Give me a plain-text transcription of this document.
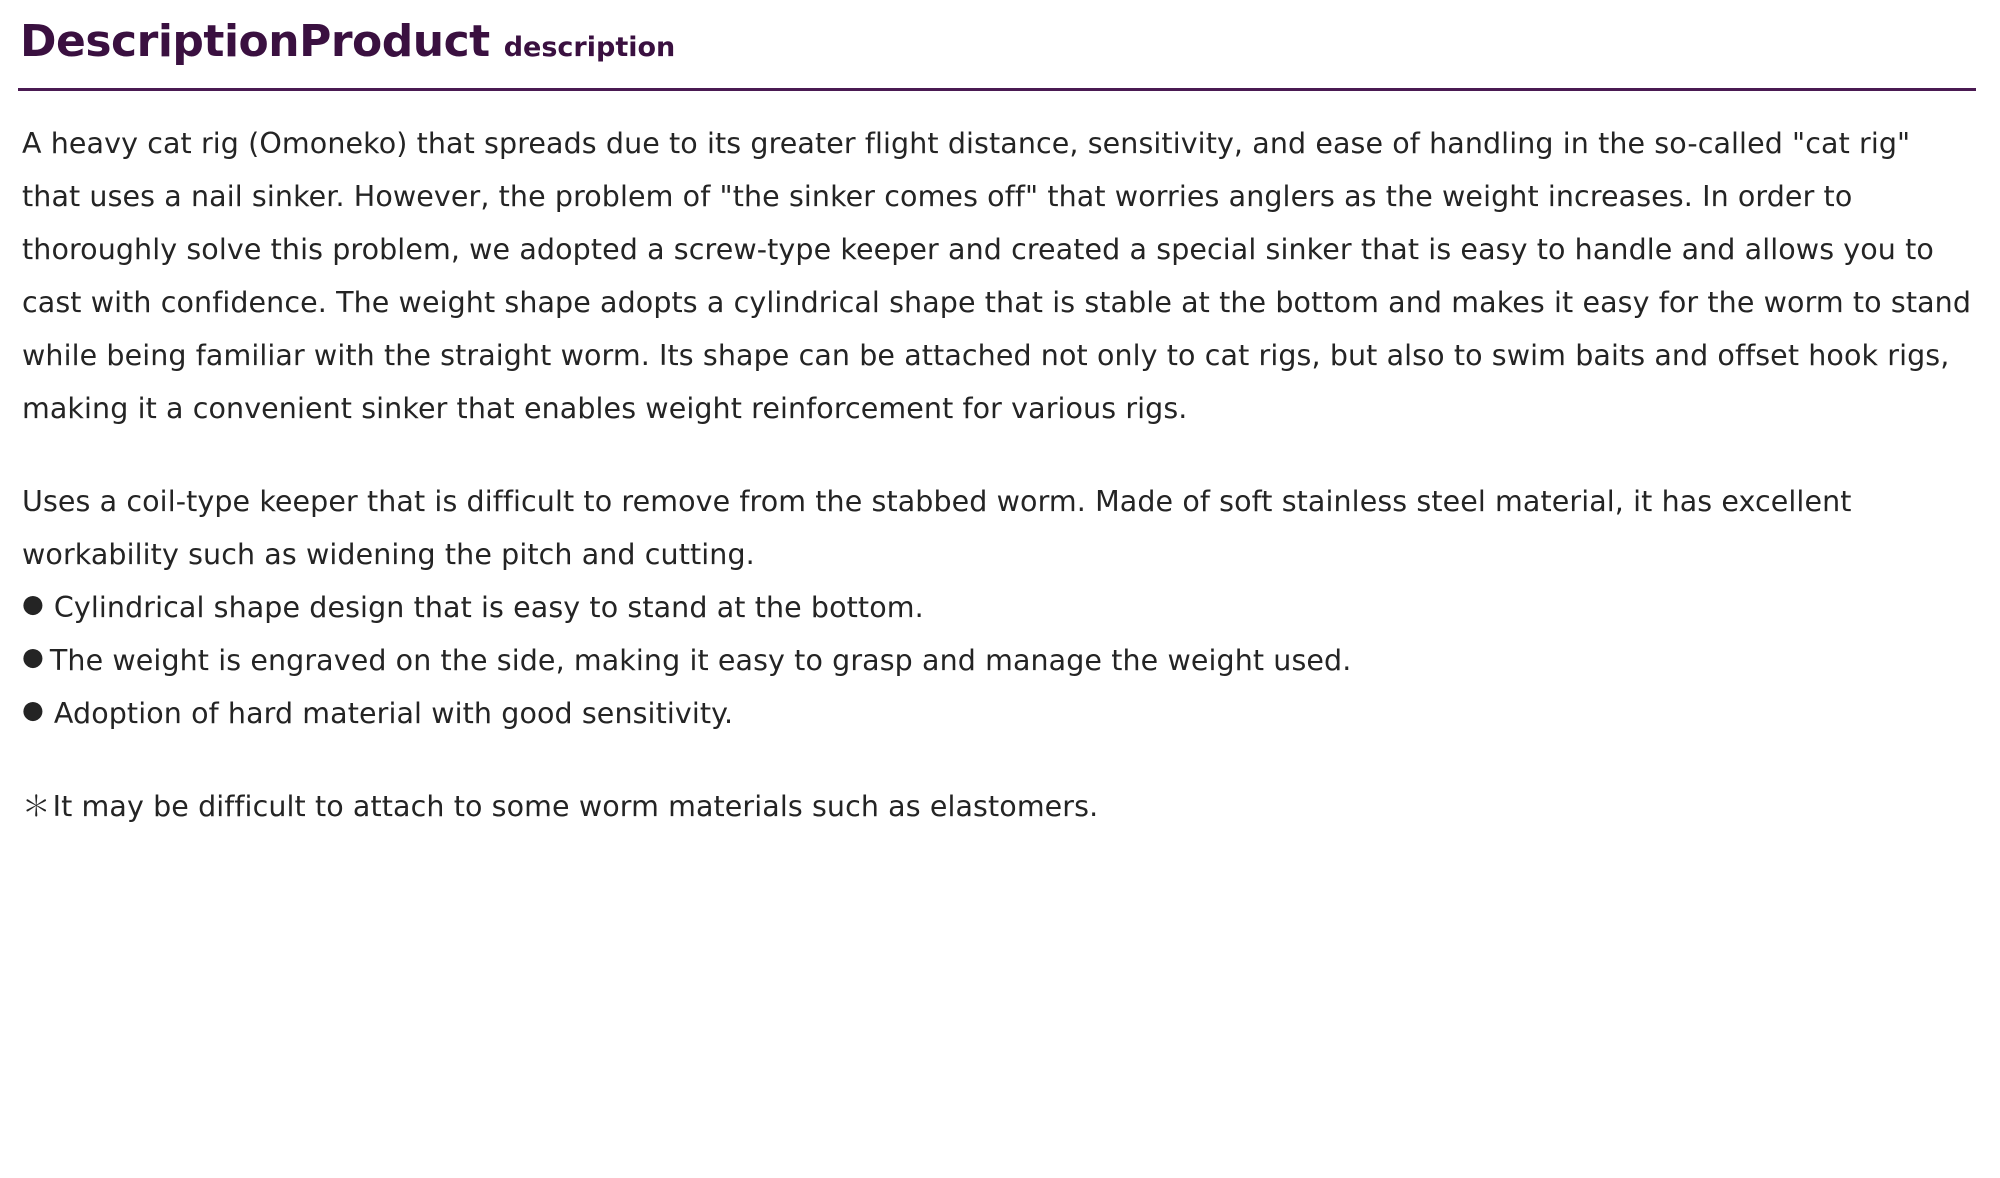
DescriptionProduct description

A heavy cat rig (Omoneko) that spreads due to its greater flight distance, sensitivity, and ease of handling in the so-called "cat rig" that uses a nail sinker. However, the problem of "the sinker comes off" that worries anglers as the weight increases. In order to thoroughly solve this problem, we adopted a screw-type keeper and created a special sinker that is easy to handle and allows you to cast with confidence. The weight shape adopts a cylindrical shape that is stable at the bottom and makes it easy for the worm to stand while being familiar with the straight worm. Its shape can be attached not only to cat rigs, but also to swim baits and offset hook rigs, making it a convenient sinker that enables weight reinforcement for various rigs.

Uses a coil-type keeper that is difficult to remove from the stabbed worm. Made of soft stainless steel material, it has excellent workability such as widening the pitch and cutting.

● Cylindrical shape design that is easy to stand at the bottom.
● The weight is engraved on the side, making it easy to grasp and manage the weight used.
● Adoption of hard material with good sensitivity.
＊ It may be difficult to attach to some worm materials such as elastomers.
